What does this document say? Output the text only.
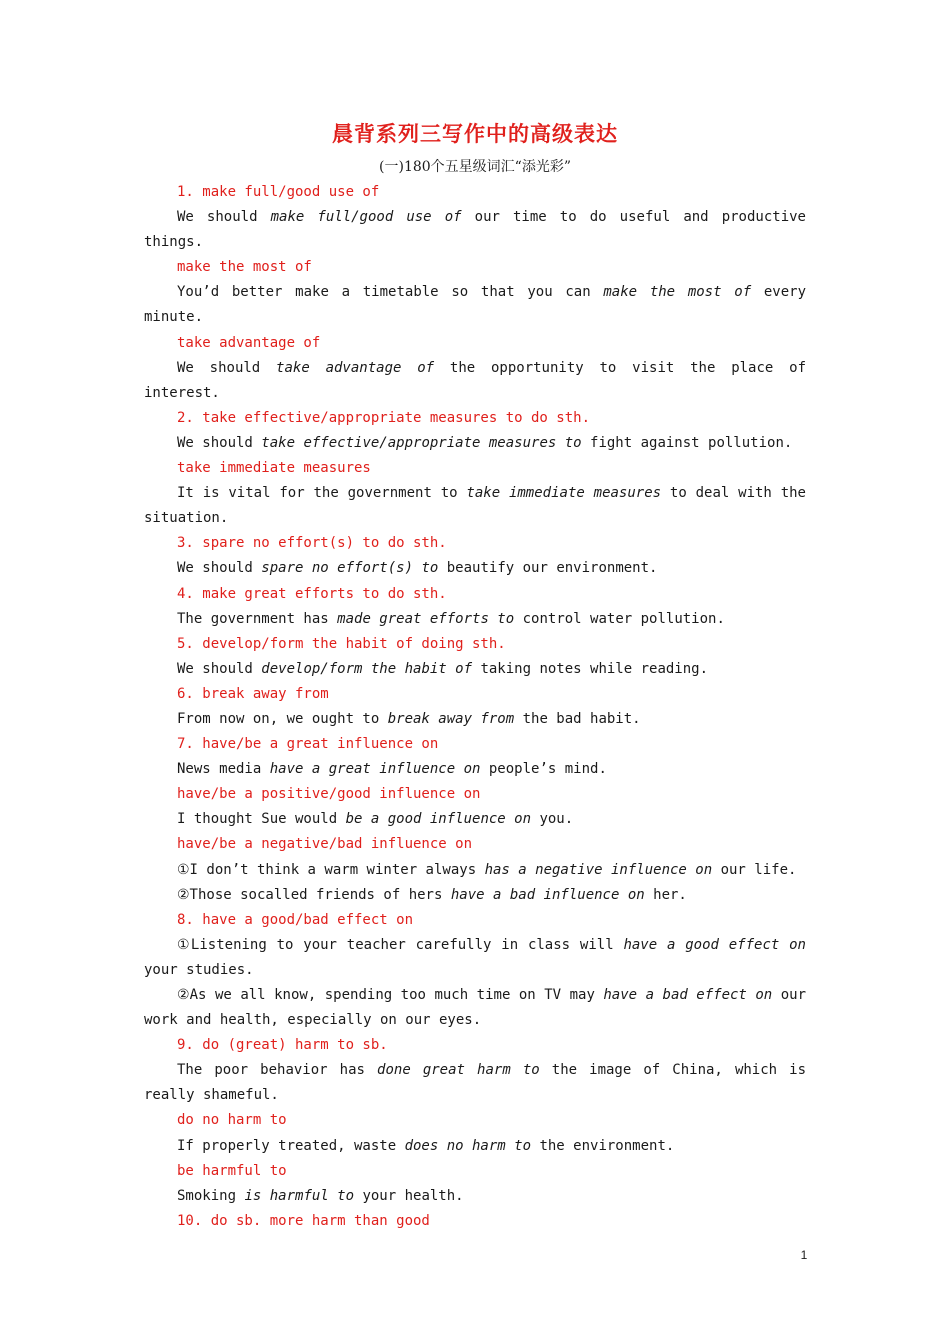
晨背系列三写作中的高级表达
(一)180个五星级词汇“添光彩”

1. make full/good use of

We should make full/good use of our time to do useful and productive things.

make the most of

You’d better make a timetable so that you can make the most of every minute.

take advantage of

We should take advantage of the opportunity to visit the place of interest.

2. take effective/appropriate measures to do sth.

We should take effective/appropriate measures to fight against pollution.

take immediate measures

It is vital for the government to take immediate measures to deal with the situation.

3. spare no effort(s) to do sth.

We should spare no effort(s) to beautify our environment.

4. make great efforts to do sth.

The government has made great efforts to control water pollution.

5. develop/form the habit of doing sth.

We should develop/form the habit of taking notes while reading.

6. break away from

From now on, we ought to break away from the bad habit.

7. have/be a great influence on

News media have a great influence on people’s mind.

have/be a positive/good influence on

I thought Sue would be a good influence on you.

have/be a negative/bad influence on

①I don’t think a warm winter always has a negative influence on our life.

②Those socalled friends of hers have a bad influence on her.

8. have a good/bad effect on

①Listening to your teacher carefully in class will have a good effect on your studies.

②As we all know, spending too much time on TV may have a bad effect on our work and health, especially on our eyes.

9. do (great) harm to sb.

The poor behavior has done great harm to the image of China, which is really shameful.

do no harm to

If properly treated, waste does no harm to the environment.

be harmful to

Smoking is harmful to your health.

10. do sb. more harm than good

1
